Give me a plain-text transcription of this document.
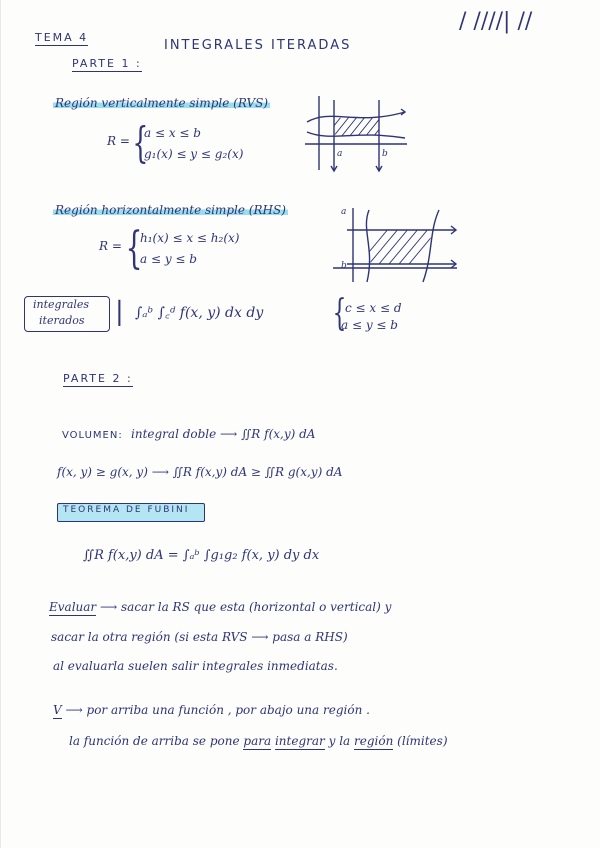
/ ////| //
TEMA 4
INTEGRALES ITERADAS
PARTE 1 :
Región verticalmente simple (RVS)
R = {
a ≤ x ≤ b
g₁(x) ≤ y ≤ g₂(x)	a	b
Región horizontalmente simple (RHS)
R = {
h₁(x) ≤ x ≤ h₂(x)
a ≤ y ≤ b
a
b
integrales
iterados | ∫ₐᵇ ∫꜀ᵈ f(x, y) dx dy {
c ≤ x ≤ d
a ≤ y ≤ b
PARTE 2 :
VOLUMEN: integral doble ⟶ ∬R f(x,y) dA
f(x, y) ≥ g(x, y) ⟶ ∬R f(x,y) dA ≥ ∬R g(x,y) dA
TEOREMA DE FUBINI
∬R f(x,y) dA = ∫ₐᵇ ∫g₁g₂ f(x, y) dy dx
Evaluar ⟶ sacar la RS que esta (horizontal o vertical) y
sacar la otra región (si esta RVS ⟶ pasa a RHS)
al evaluarla suelen salir integrales inmediatas.
V ⟶ por arriba una función , por abajo una región .
la función de arriba se pone para integrar y la región (límites)
